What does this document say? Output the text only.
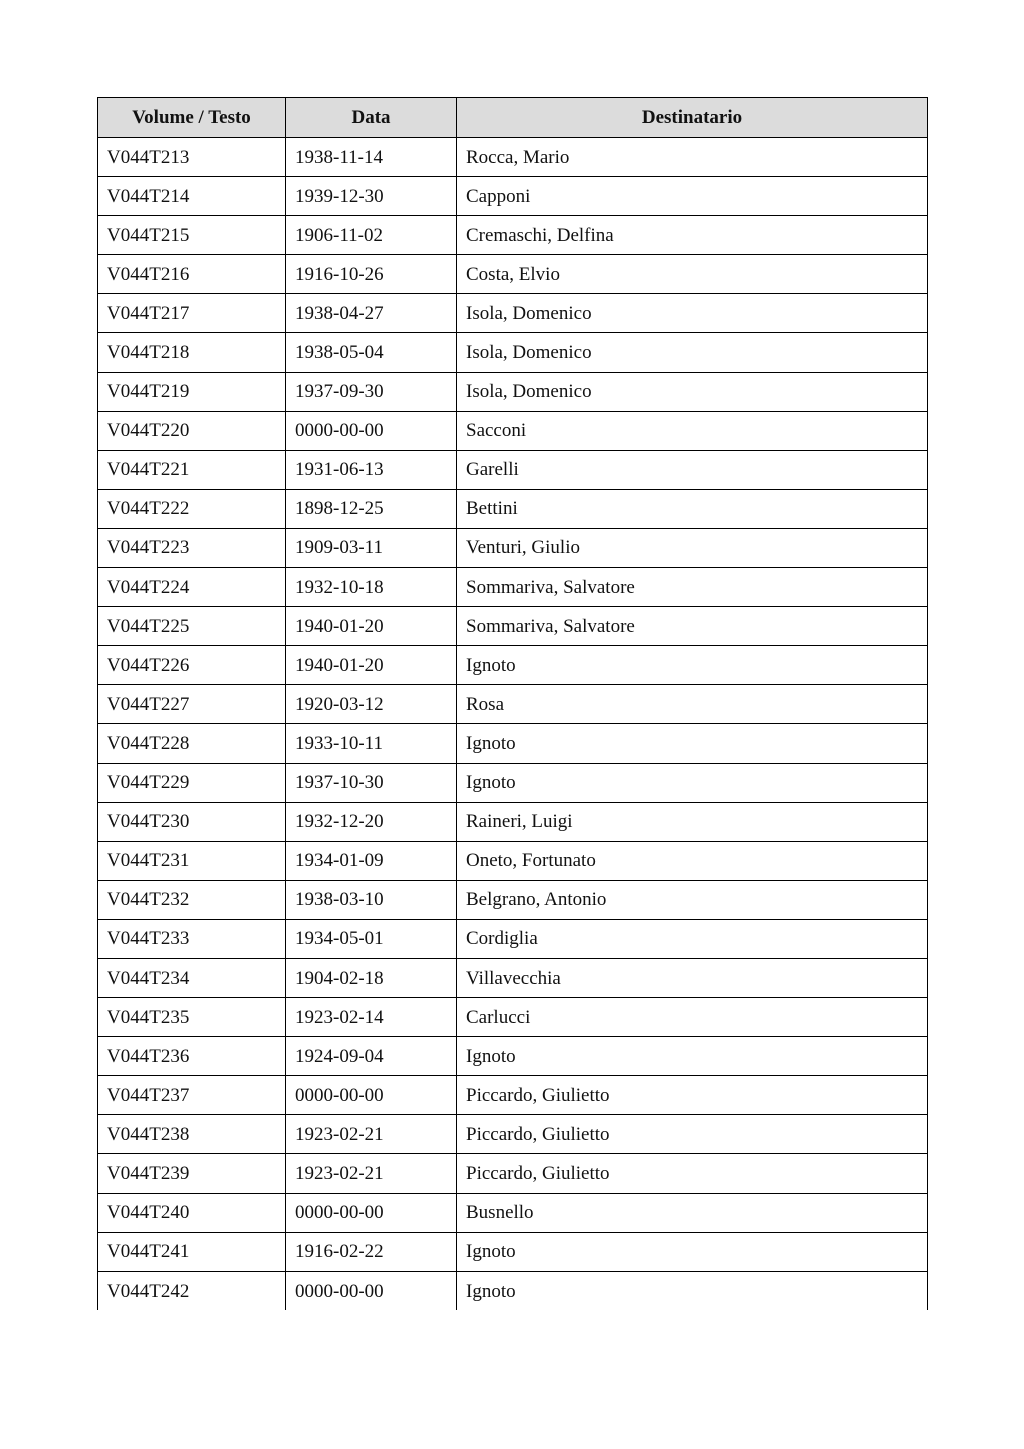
Volume / Testo	Data	Destinatario
V044T213	1938-11-14	Rocca, Mario
V044T214	1939-12-30	Capponi
V044T215	1906-11-02	Cremaschi, Delfina
V044T216	1916-10-26	Costa, Elvio
V044T217	1938-04-27	Isola, Domenico
V044T218	1938-05-04	Isola, Domenico
V044T219	1937-09-30	Isola, Domenico
V044T220	0000-00-00	Sacconi
V044T221	1931-06-13	Garelli
V044T222	1898-12-25	Bettini
V044T223	1909-03-11	Venturi, Giulio
V044T224	1932-10-18	Sommariva, Salvatore
V044T225	1940-01-20	Sommariva, Salvatore
V044T226	1940-01-20	Ignoto
V044T227	1920-03-12	Rosa
V044T228	1933-10-11	Ignoto
V044T229	1937-10-30	Ignoto
V044T230	1932-12-20	Raineri, Luigi
V044T231	1934-01-09	Oneto, Fortunato
V044T232	1938-03-10	Belgrano, Antonio
V044T233	1934-05-01	Cordiglia
V044T234	1904-02-18	Villavecchia
V044T235	1923-02-14	Carlucci
V044T236	1924-09-04	Ignoto
V044T237	0000-00-00	Piccardo, Giulietto
V044T238	1923-02-21	Piccardo, Giulietto
V044T239	1923-02-21	Piccardo, Giulietto
V044T240	0000-00-00	Busnello
V044T241	1916-02-22	Ignoto
V044T242	0000-00-00	Ignoto
